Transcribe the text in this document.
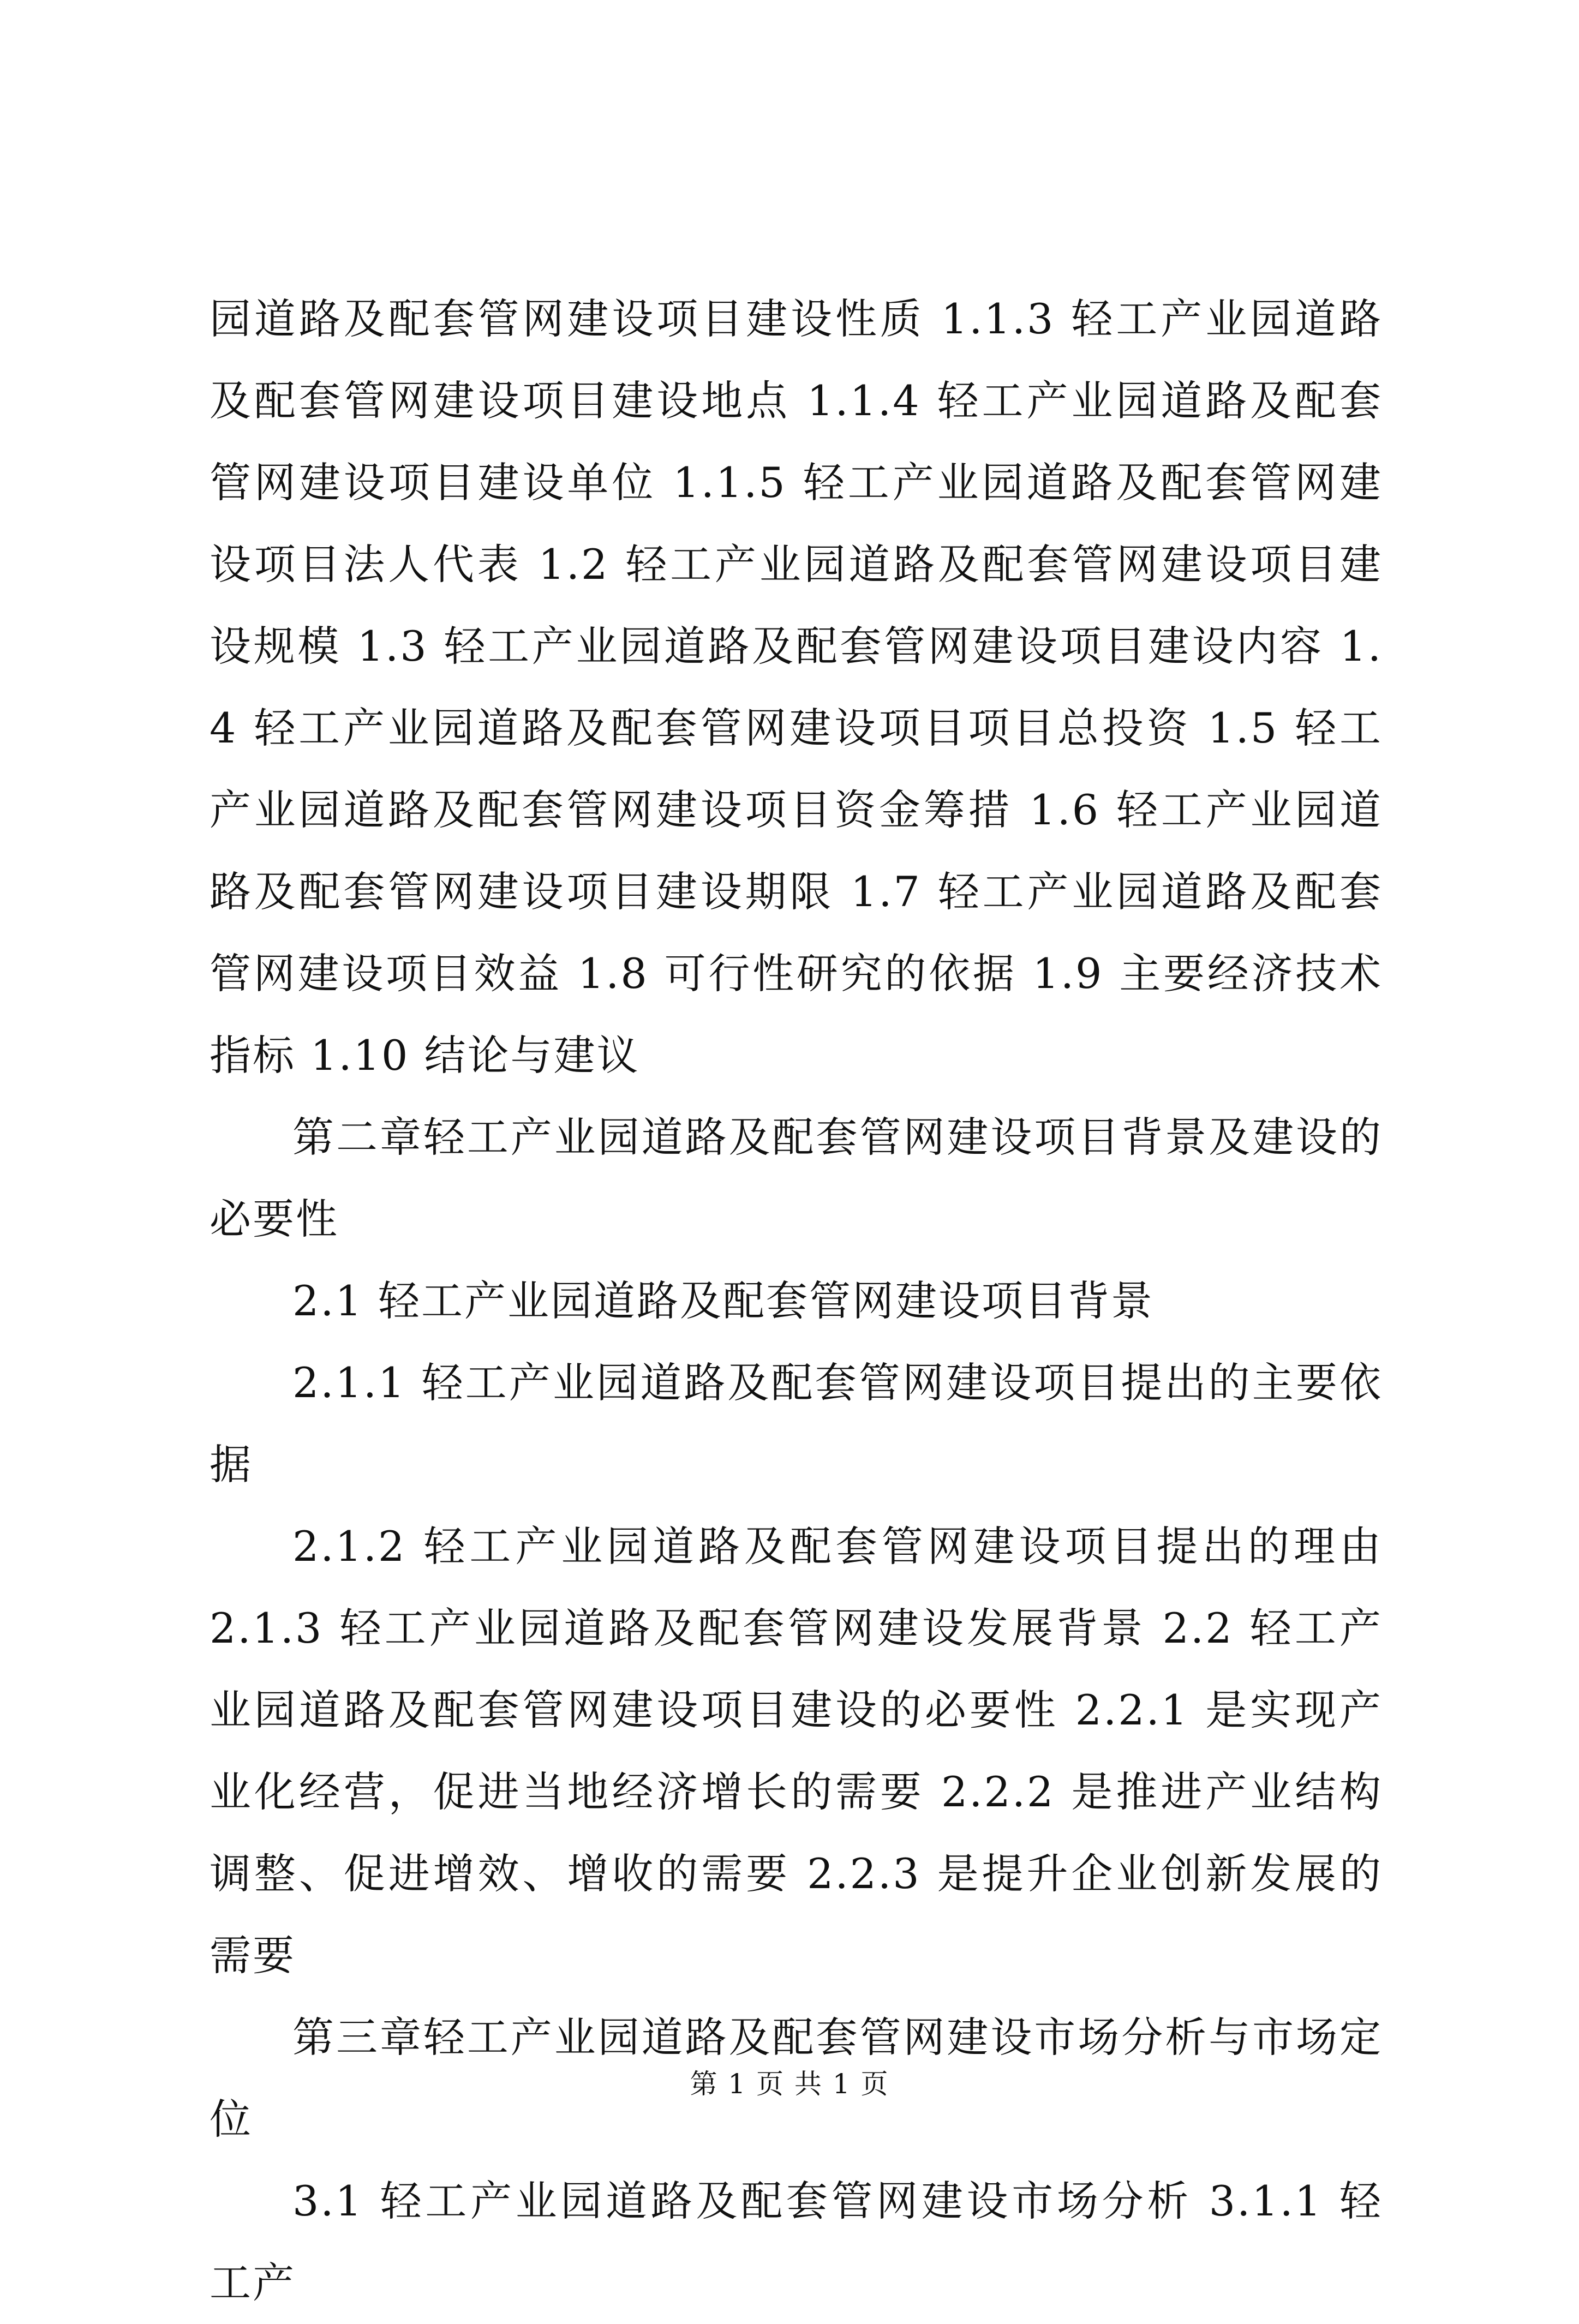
园道路及配套管网建设项目建设性质 1.1.3 轻工产业园道路及配套管网建设项目建设地点 1.1.4 轻工产业园道路及配套管网建设项目建设单位 1.1.5 轻工产业园道路及配套管网建设项目法人代表 1.2 轻工产业园道路及配套管网建设项目建设规模 1.3 轻工产业园道路及配套管网建设项目建设内容 1.4 轻工产业园道路及配套管网建设项目项目总投资 1.5 轻工产业园道路及配套管网建设项目资金筹措 1.6 轻工产业园道路及配套管网建设项目建设期限 1.7 轻工产业园道路及配套管网建设项目效益 1.8 可行性研究的依据 1.9 主要经济技术指标 1.10 结论与建议

第二章轻工产业园道路及配套管网建设项目背景及建设的必要性

2.1 轻工产业园道路及配套管网建设项目背景

2.1.1 轻工产业园道路及配套管网建设项目提出的主要依据

2.1.2 轻工产业园道路及配套管网建设项目提出的理由 2.1.3 轻工产业园道路及配套管网建设发展背景 2.2 轻工产业园道路及配套管网建设项目建设的必要性 2.2.1 是实现产业化经营，促进当地经济增长的需要 2.2.2 是推进产业结构调整、促进增效、增收的需要 2.2.3 是提升企业创新发展的需要

第三章轻工产业园道路及配套管网建设市场分析与市场定位

3.1 轻工产业园道路及配套管网建设市场分析 3.1.1 轻工产

第 1 页 共 1 页
